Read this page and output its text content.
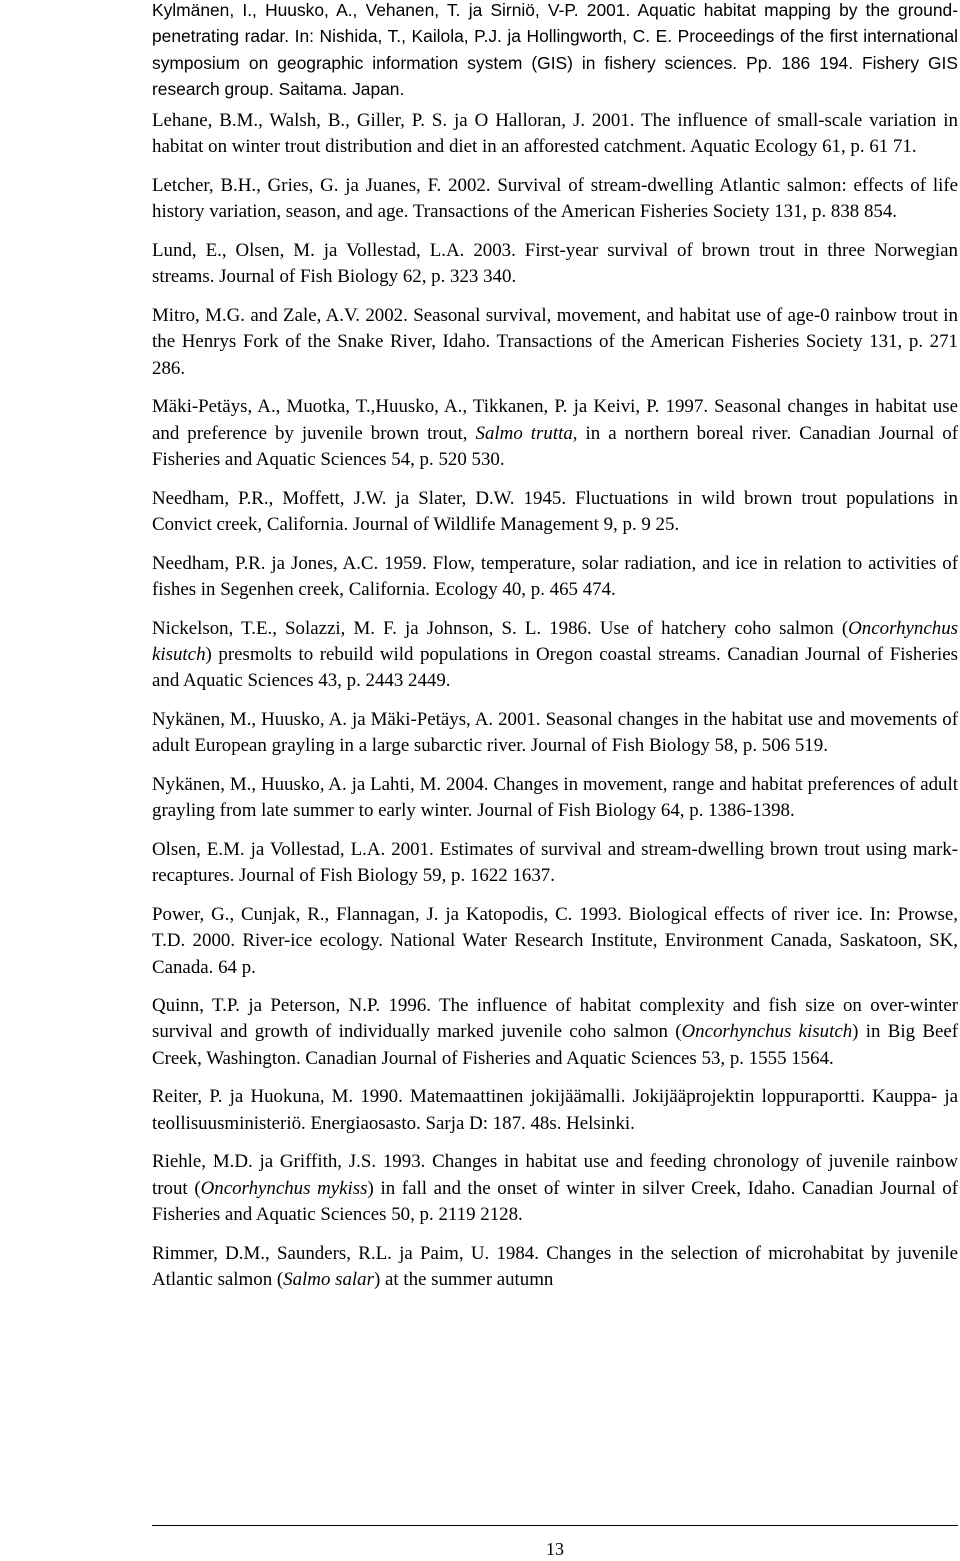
Kylmänen, I., Huusko, A., Vehanen, T. ja Sirniö, V-P. 2001. Aquatic habitat mapping by the ground-penetrating radar. In: Nishida, T., Kailola, P.J. ja Hollingworth, C. E. Proceedings of the first international symposium on geographic information system (GIS) in fishery sciences. Pp. 186 194. Fishery GIS research group. Saitama. Japan.

Lehane, B.M., Walsh, B., Giller, P. S. ja O Halloran, J. 2001. The influence of small-scale variation in habitat on winter trout distribution and diet in an afforested catchment. Aquatic Ecology 61, p. 61 71.

Letcher, B.H., Gries, G. ja Juanes, F. 2002. Survival of stream-dwelling Atlantic salmon: effects of life history variation, season, and age. Transactions of the American Fisheries Society 131, p. 838 854.

Lund, E., Olsen, M. ja Vollestad, L.A. 2003. First-year survival of brown trout in three Norwegian streams. Journal of Fish Biology 62, p. 323 340.

Mitro, M.G. and Zale, A.V. 2002. Seasonal survival, movement, and habitat use of age-0 rainbow trout in the Henrys Fork of the Snake River, Idaho. Transactions of the American Fisheries Society 131, p. 271 286.

Mäki-Petäys, A., Muotka, T.,Huusko, A., Tikkanen, P. ja Keivi, P. 1997. Seasonal changes in habitat use and preference by juvenile brown trout, Salmo trutta, in a northern boreal river. Canadian Journal of Fisheries and Aquatic Sciences 54, p. 520 530.

Needham, P.R., Moffett, J.W. ja Slater, D.W. 1945. Fluctuations in wild brown trout populations in Convict creek, California. Journal of Wildlife Management 9, p. 9 25.

Needham, P.R. ja Jones, A.C. 1959. Flow, temperature, solar radiation, and ice in relation to activities of fishes in Segenhen creek, California. Ecology 40, p. 465 474.

Nickelson, T.E., Solazzi, M. F. ja Johnson, S. L. 1986. Use of hatchery coho salmon (Oncorhynchus kisutch) presmolts to rebuild wild populations in Oregon coastal streams. Canadian Journal of Fisheries and Aquatic Sciences 43, p. 2443 2449.

Nykänen, M., Huusko, A. ja Mäki-Petäys, A. 2001. Seasonal changes in the habitat use and movements of adult European grayling in a large subarctic river. Journal of Fish Biology 58, p. 506 519.

Nykänen, M., Huusko, A. ja Lahti, M. 2004. Changes in movement, range and habitat preferences of adult grayling from late summer to early winter. Journal of Fish Biology 64, p. 1386-1398.

Olsen, E.M. ja Vollestad, L.A. 2001. Estimates of survival and stream-dwelling brown trout using mark-recaptures. Journal of Fish Biology 59, p. 1622 1637.

Power, G., Cunjak, R., Flannagan, J. ja Katopodis, C. 1993. Biological effects of river ice. In: Prowse, T.D. 2000. River-ice ecology. National Water Research Institute, Environment Canada, Saskatoon, SK, Canada. 64 p.

Quinn, T.P. ja Peterson, N.P. 1996. The influence of habitat complexity and fish size on over-winter survival and growth of individually marked juvenile coho salmon (Oncorhynchus kisutch) in Big Beef Creek, Washington. Canadian Journal of Fisheries and Aquatic Sciences 53, p. 1555 1564.

Reiter, P. ja Huokuna, M. 1990. Matemaattinen jokijäämalli. Jokijääprojektin loppuraportti. Kauppa- ja teollisuusministeriö. Energiaosasto. Sarja D: 187. 48s. Helsinki.

Riehle, M.D. ja Griffith, J.S. 1993. Changes in habitat use and feeding chronology of juvenile rainbow trout (Oncorhynchus mykiss) in fall and the onset of winter in silver Creek, Idaho. Canadian Journal of Fisheries and Aquatic Sciences 50, p. 2119 2128.

Rimmer, D.M., Saunders, R.L. ja Paim, U. 1984. Changes in the selection of microhabitat by juvenile Atlantic salmon (Salmo salar) at the summer autumn

13
